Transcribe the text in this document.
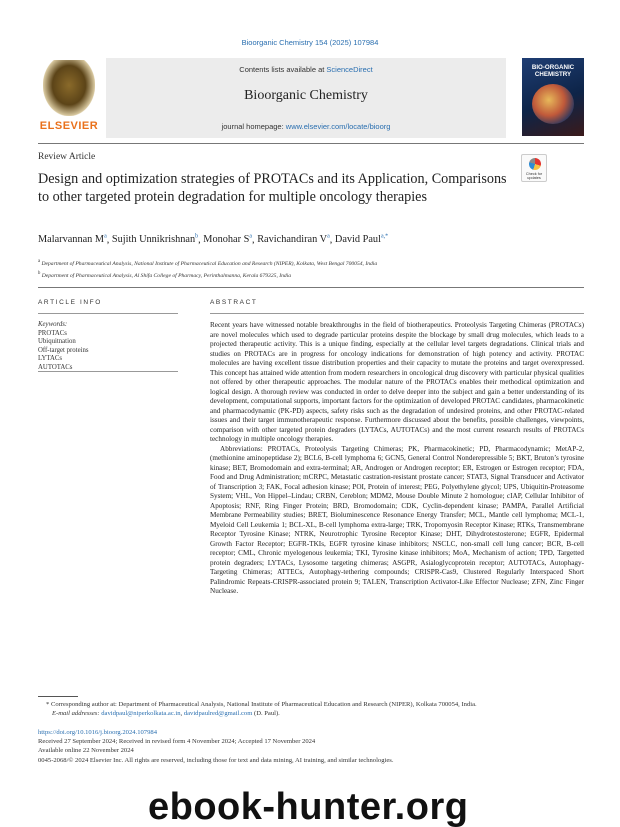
Bioorganic Chemistry 154 (2025) 107984
ELSEVIER
Contents lists available at ScienceDirect
Bioorganic Chemistry
journal homepage: www.elsevier.com/locate/bioorg
BIO-ORGANIC CHEMISTRY
Review Article
Check for updates
Design and optimization strategies of PROTACs and its Application, Comparisons to other targeted protein degradation for multiple oncology therapies
Malarvannan $M^a$, Sujith Unnikrishnan$^b$, Monohar $S^a$, Ravichandiran $V^a$, David Paul$^{a,*}$
$^a$ Department of Pharmaceutical Analysis, National Institute of Pharmaceutical Education and Research (NIPER), Kolkata, West Bengal 700054, India
$^b$ Department of Pharmaceutical Analysis, Al Shifa College of Pharmacy, Perinthalmanna, Kerala 679325, India
ARTICLE INFO	ABSTRACT
Keywords:
PROTACs
Ubiquitnation
Off-target proteins
LYTACs
AUTOTACs

Recent years have witnessed notable breakthroughs in the field of biotherapeutics. Proteolysis Targeting Chimeras (PROTACs) are novel molecules which used to degrade particular proteins despite the blockage by small drug molecules, which leads to a projected therapeutic activity. This is a unique finding, especially at the cellular level targets degradations. Clinical trials and studies on PROTACs are in progress for oncology indications for demonstration of high potency and activity. PROTAC molecules are having excellent tissue distribution properties and their capacity to mutate the proteins and target overexpressed. This concept has attained wide attention from modern researchers in oncological drug discovery with particular physical qualities not offered by other therapeutic approaches. The modular nature of the PROTACs enables their methodical optimization and logical design. A thorough review was conducted in order to delve deeper into the subject and gain a better understanding of its development, computational supports, important factors for the optimization of developed PROTAC candidates, pharmacokinetic and pharmacodynamic (PK-PD) aspects, safety risks such as the degradation of undesired proteins, and other PROTAC-related issues and their target immunotherapeutic response. Furthermore discussed about the benefits, possible challenges, viewpoints, comparison with other targeted protein degraders (LYTACs, AUTOTACs) and the most current research results of PROTACs technology in multiple oncology therapies.

Abbreviations: PROTACs, Proteolysis Targeting Chimeras; PK, Pharmacokinetic; PD, Pharmacodynamic; MetAP-2, (methionine aminopeptidase 2); BCL6, B-cell lymphoma 6; GCN5, General Control Nonderepressible 5; BKT, Bruton’s tyrosine kinase; BET, Bromodomain and extra-terminal; AR, Androgen or Androgen receptor; ER, Estrogen or Estrogen receptor; FDA, Food and Drug Administration; mCRPC, Metastatic castration-resistant prostate cancer; STAT3, Signal Transducer and Activator of Transcription 3; FAK, Focal adhesion kinase; POI, Protein of interest; PEG, Polyethylene glycol; UPS, Ubiquitin-Proteasome System; VHL, Von Hippel–Lindau; CRBN, Cereblon; MDM2, Mouse Double Minute 2 homologue; cIAP, Cellular Inhibitor of Apoptosis; RNF, Ring Finger Protein; BRD, Bromodomain; CDK, Cyclin-dependent kinase; PAMPA, Parallel Artificial Membrane Permeability studies; BRET, Bioluminescence Resonance Energy Transfer; MCL, Mantle cell lymphoma; MCL-1, Myeloid Cell Leukemia 1; BCL-XL, B-cell lymphoma extra-large; TRK, Tropomyosin Receptor Kinase; RTKs, Transmembrane Receptor Tyrosine Kinase; NTRK, Neurotrophic Tyrosine Receptor Kinase; DHT, Dihydrotestosterone; EGFR, Epidermal Growth Factor Receptor; EGFR-TKIs, EGFR tyrosine kinase inhibitors; NSCLC, non-small cell lung cancer; BCR, B-cell receptor; CML, Chronic myelogenous leukemia; TKI, Tyrosine kinase inhibitors; MoA, Mechanism of action; TPD, Targetted protein degraders; LYTACs, Lysosome targeting chimeras; ASGPR, Asialoglycoprotein receptor; AUTOTACs, Autophagy-Targeting Chimeras; ATTECs, Autophagy-tethering compounds; CRISPR-Cas9, Clustered Regularly Interspaced Short Palindromic Repeats-CRISPR-associated protein 9; TALEN, Transcription Activator-Like Effector Nuclease; ZFN, Zinc Finger Nuclease.

* Corresponding author at: Department of Pharmaceutical Analysis, National Institute of Pharmaceutical Education and Research (NIPER), Kolkata 700054, India.
E-mail addresses: davidpaul@niperkolkata.ac.in, davidpaulred@gmail.com (D. Paul).
https://doi.org/10.1016/j.bioorg.2024.107984
Received 27 September 2024; Received in revised form 4 November 2024; Accepted 17 November 2024
Available online 22 November 2024
0045-2068/© 2024 Elsevier Inc. All rights are reserved, including those for text and data mining, AI training, and similar technologies.
ebook-hunter.org
